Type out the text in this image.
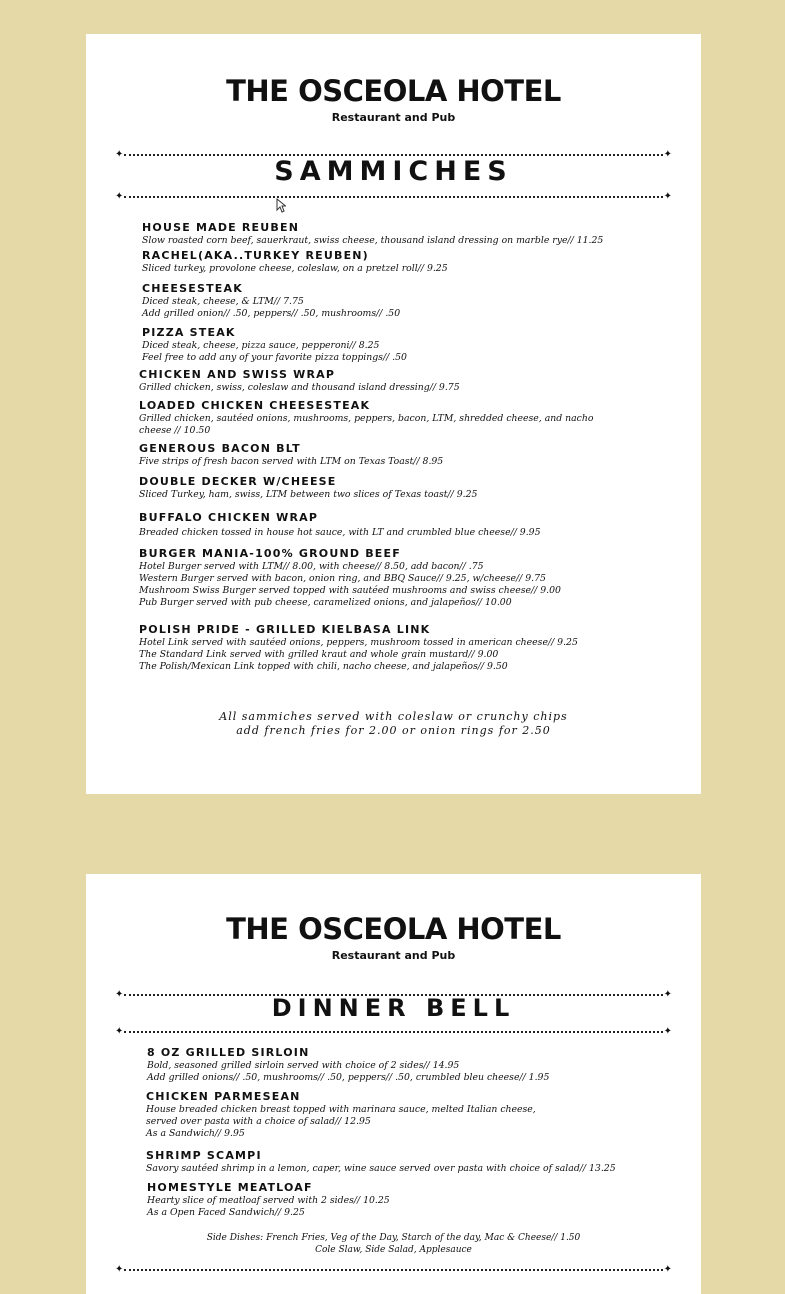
THE OSCEOLA HOTEL
Restaurant and Pub
✦	✦
SAMMICHES
✦	✦
HOUSE MADE REUBEN
Slow roasted corn beef, sauerkraut, swiss cheese, thousand island dressing on marble rye// 11.25
RACHEL(AKA..TURKEY REUBEN)
Sliced turkey, provolone cheese, coleslaw, on a pretzel roll// 9.25
CHEESESTEAK
Diced steak, cheese, & LTM// 7.75
Add grilled onion// .50, peppers// .50, mushrooms// .50
PIZZA STEAK
Diced steak, cheese, pizza sauce, pepperoni// 8.25
Feel free to add any of your favorite pizza toppings// .50
CHICKEN AND SWISS WRAP
Grilled chicken, swiss, coleslaw and thousand island dressing// 9.75
LOADED CHICKEN CHEESESTEAK
Grilled chicken, sautéed onions, mushrooms, peppers, bacon, LTM, shredded cheese, and nacho
cheese // 10.50
GENEROUS BACON BLT
Five strips of fresh bacon served with LTM on Texas Toast// 8.95
DOUBLE DECKER W/CHEESE
Sliced Turkey, ham, swiss, LTM between two slices of Texas toast// 9.25
BUFFALO CHICKEN WRAP
Breaded chicken tossed in house hot sauce, with LT and crumbled blue cheese// 9.95
BURGER MANIA-100% GROUND BEEF
Hotel Burger served with LTM// 8.00, with cheese// 8.50, add bacon// .75
Western Burger served with bacon, onion ring, and BBQ Sauce// 9.25, w/cheese// 9.75
Mushroom Swiss Burger served topped with sautéed mushrooms and swiss cheese// 9.00
Pub Burger served with pub cheese, caramelized onions, and jalapeños// 10.00
POLISH PRIDE - GRILLED KIELBASA LINK
Hotel Link served with sautéed onions, peppers, mushroom tossed in american cheese// 9.25
The Standard Link served with grilled kraut and whole grain mustard// 9.00
The Polish/Mexican Link topped with chili, nacho cheese, and jalapeños// 9.50
All sammiches served with coleslaw or crunchy chips
add french fries for 2.00 or onion rings for 2.50
THE OSCEOLA HOTEL
Restaurant and Pub
✦	✦
DINNER BELL
✦	✦
8 OZ GRILLED SIRLOIN
Bold, seasoned grilled sirloin served with choice of 2 sides// 14.95
Add grilled onions// .50, mushrooms// .50, peppers// .50, crumbled bleu cheese// 1.95
CHICKEN PARMESEAN
House breaded chicken breast topped with marinara sauce, melted Italian cheese,
served over pasta with a choice of salad// 12.95
As a Sandwich// 9.95
SHRIMP SCAMPI
Savory sautéed shrimp in a lemon, caper, wine sauce served over pasta with choice of salad// 13.25
HOMESTYLE MEATLOAF
Hearty slice of meatloaf served with 2 sides// 10.25
As a Open Faced Sandwich// 9.25
Side Dishes: French Fries, Veg of the Day, Starch of the day, Mac & Cheese// 1.50
Cole Slaw, Side Salad, Applesauce
✦	✦
